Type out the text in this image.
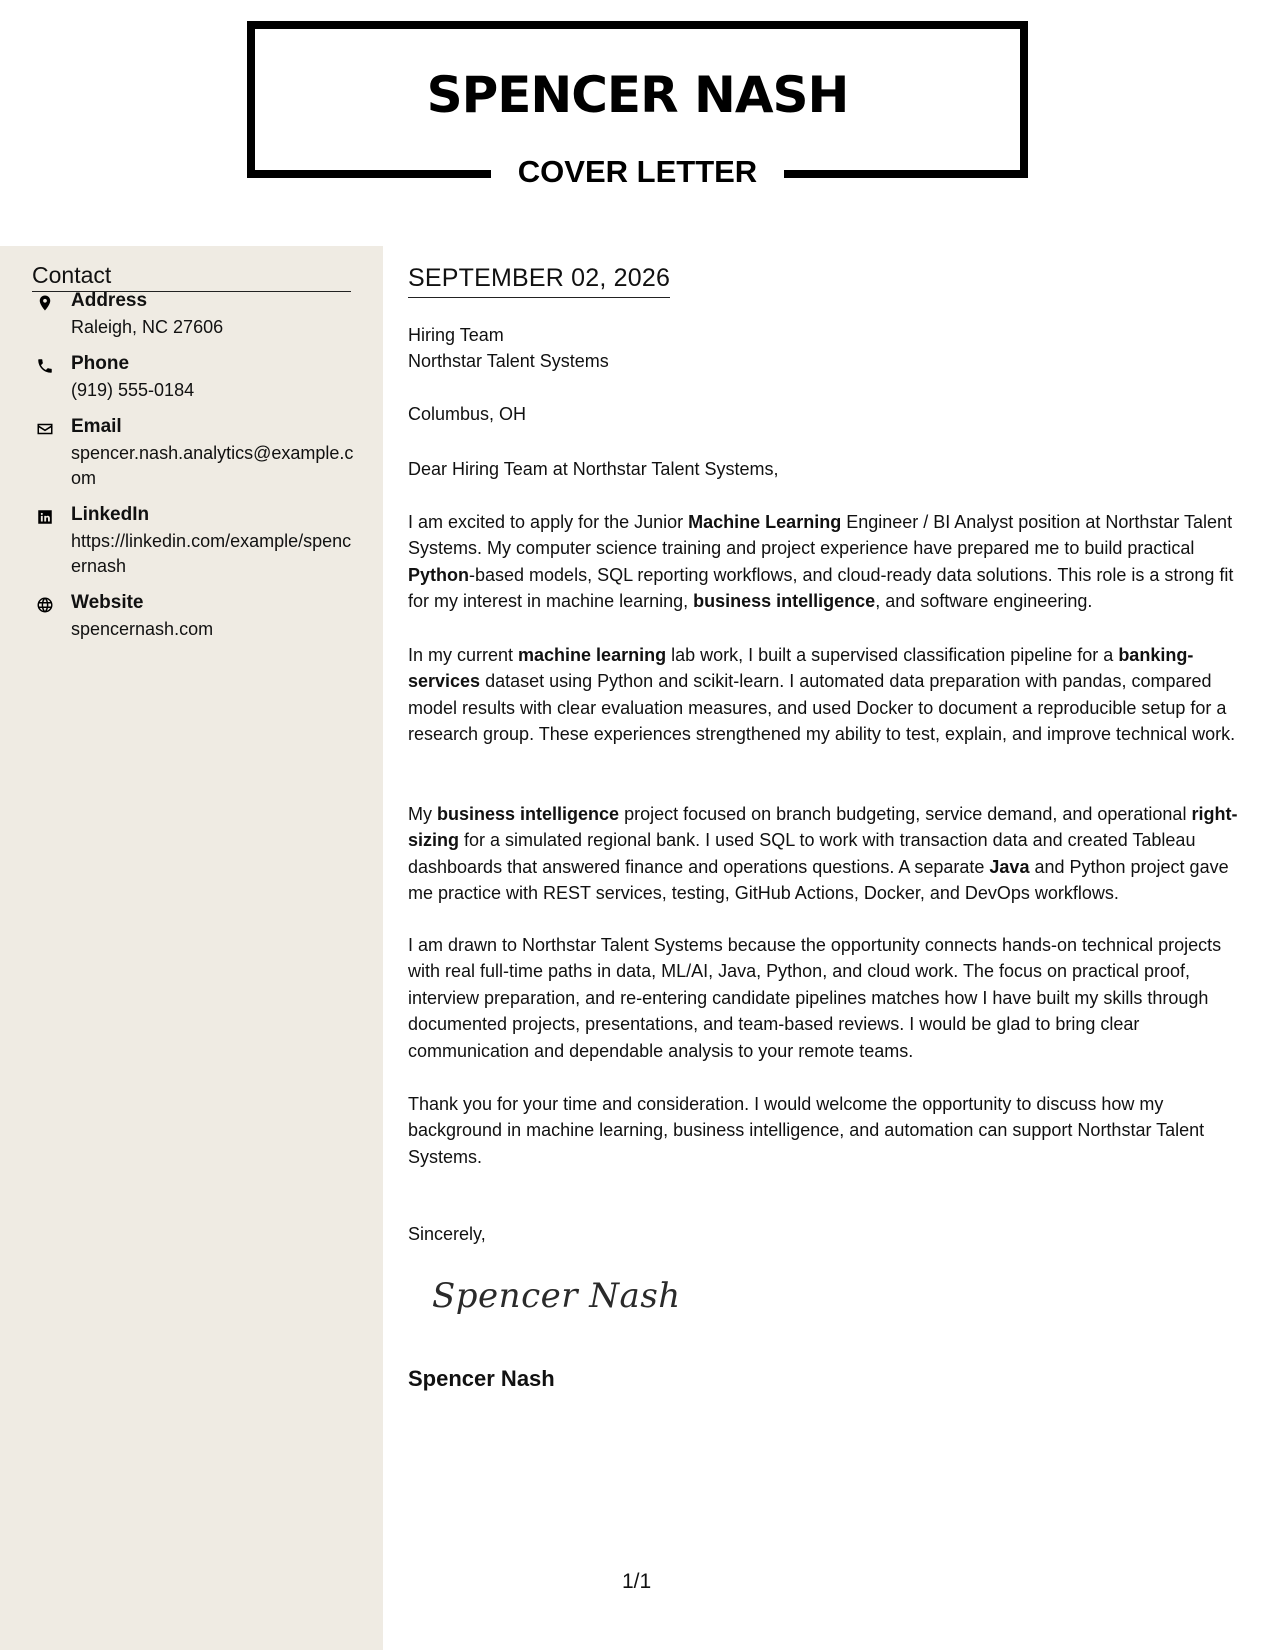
SPENCER NASH
COVER LETTER
Contact
Address
Raleigh, NC 27606
Phone
(919) 555-0184
Email
spencer.nash.analytics@example.com
LinkedIn
https://linkedin.com/example/spencernash
Website
spencernash.com
SEPTEMBER 02, 2026
Hiring Team
Northstar Talent Systems
Columbus, OH
Dear Hiring Team at Northstar Talent Systems,
I am excited to apply for the Junior Machine Learning Engineer / BI Analyst position at Northstar Talent Systems. My computer science training and project experience have prepared me to build practical Python-based models, SQL reporting workflows, and cloud-ready data solutions. This role is a strong fit for my interest in machine learning, business intelligence, and software engineering.
In my current machine learning lab work, I built a supervised classification pipeline for a banking-services dataset using Python and scikit-learn. I automated data preparation with pandas, compared model results with clear evaluation measures, and used Docker to document a reproducible setup for a research group. These experiences strengthened my ability to test, explain, and improve technical work.
My business intelligence project focused on branch budgeting, service demand, and operational right-sizing for a simulated regional bank. I used SQL to work with transaction data and created Tableau dashboards that answered finance and operations questions. A separate Java and Python project gave me practice with REST services, testing, GitHub Actions, Docker, and DevOps workflows.
I am drawn to Northstar Talent Systems because the opportunity connects hands-on technical projects with real full-time paths in data, ML/AI, Java, Python, and cloud work. The focus on practical proof, interview preparation, and re-entering candidate pipelines matches how I have built my skills through documented projects, presentations, and team-based reviews. I would be glad to bring clear communication and dependable analysis to your remote teams.
Thank you for your time and consideration. I would welcome the opportunity to discuss how my background in machine learning, business intelligence, and automation can support Northstar Talent Systems.
Sincerely,
Spencer Nash
Spencer Nash
1/1
